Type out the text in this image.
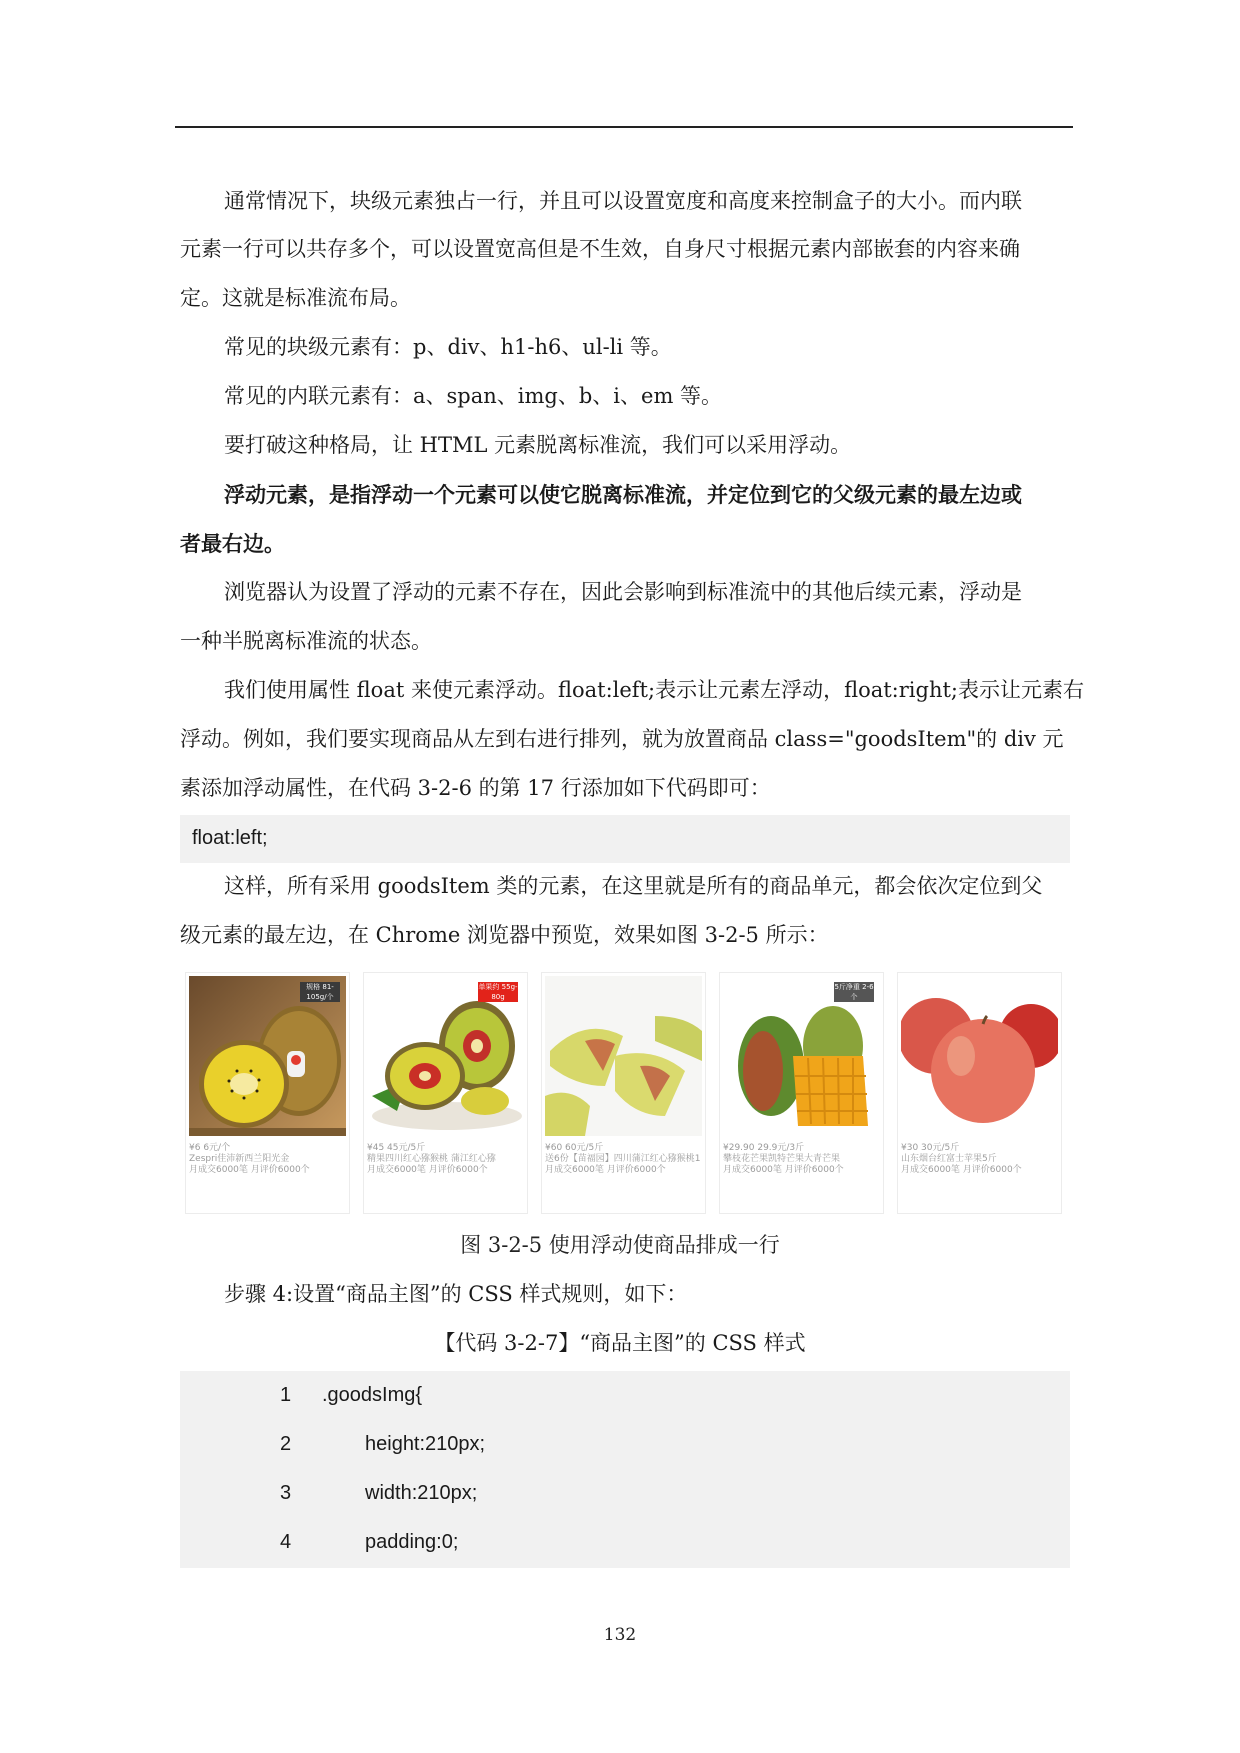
通常情况下，块级元素独占一行，并且可以设置宽度和高度来控制盒子的大小。而内联
元素一行可以共存多个，可以设置宽高但是不生效，自身尺寸根据元素内部嵌套的内容来确
定。这就是标准流布局。
常见的块级元素有：p、div、h1-h6、ul-li 等。
常见的内联元素有：a、span、img、b、i、em 等。
要打破这种格局，让 HTML 元素脱离标准流，我们可以采用浮动。
浮动元素，是指浮动一个元素可以使它脱离标准流，并定位到它的父级元素的最左边或
者最右边。
浏览器认为设置了浮动的元素不存在，因此会影响到标准流中的其他后续元素，浮动是
一种半脱离标准流的状态。
我们使用属性 float 来使元素浮动。float:left;表示让元素左浮动，float:right;表示让元素右
浮动。例如，我们要实现商品从左到右进行排列，就为放置商品 class="goodsItem"的 div 元
素添加浮动属性，在代码 3-2-6 的第 17 行添加如下代码即可：
float:left;
这样，所有采用 goodsItem 类的元素，在这里就是所有的商品单元，都会依次定位到父
级元素的最左边，在 Chrome 浏览器中预览，效果如图 3-2-5 所示：
规格 81-105g/个
¥6 6元/个
Zespri佳沛新西兰阳光金
月成交6000笔 月评价6000个
单果约 55g-80g
¥45 45元/5斤
精果四川红心猕猴桃 蒲江红心猕
月成交6000笔 月评价6000个
¥60 60元/5斤
送6份【苗福园】四川蒲江红心猕猴桃1
月成交6000笔 月评价6000个
5斤净重 2-6个
¥29.90 29.9元/3斤
攀枝花芒果凯特芒果大青芒果
月成交6000笔 月评价6000个
¥30 30元/5斤
山东烟台红富士苹果5斤
月成交6000笔 月评价6000个
图 3-2-5 使用浮动使商品排成一行
步骤 4:设置“商品主图”的 CSS 样式规则，如下：
【代码 3-2-7】“商品主图”的 CSS 样式
1 .goodsImg{
2	height:210px;
3	width:210px;
4	padding:0;
132
